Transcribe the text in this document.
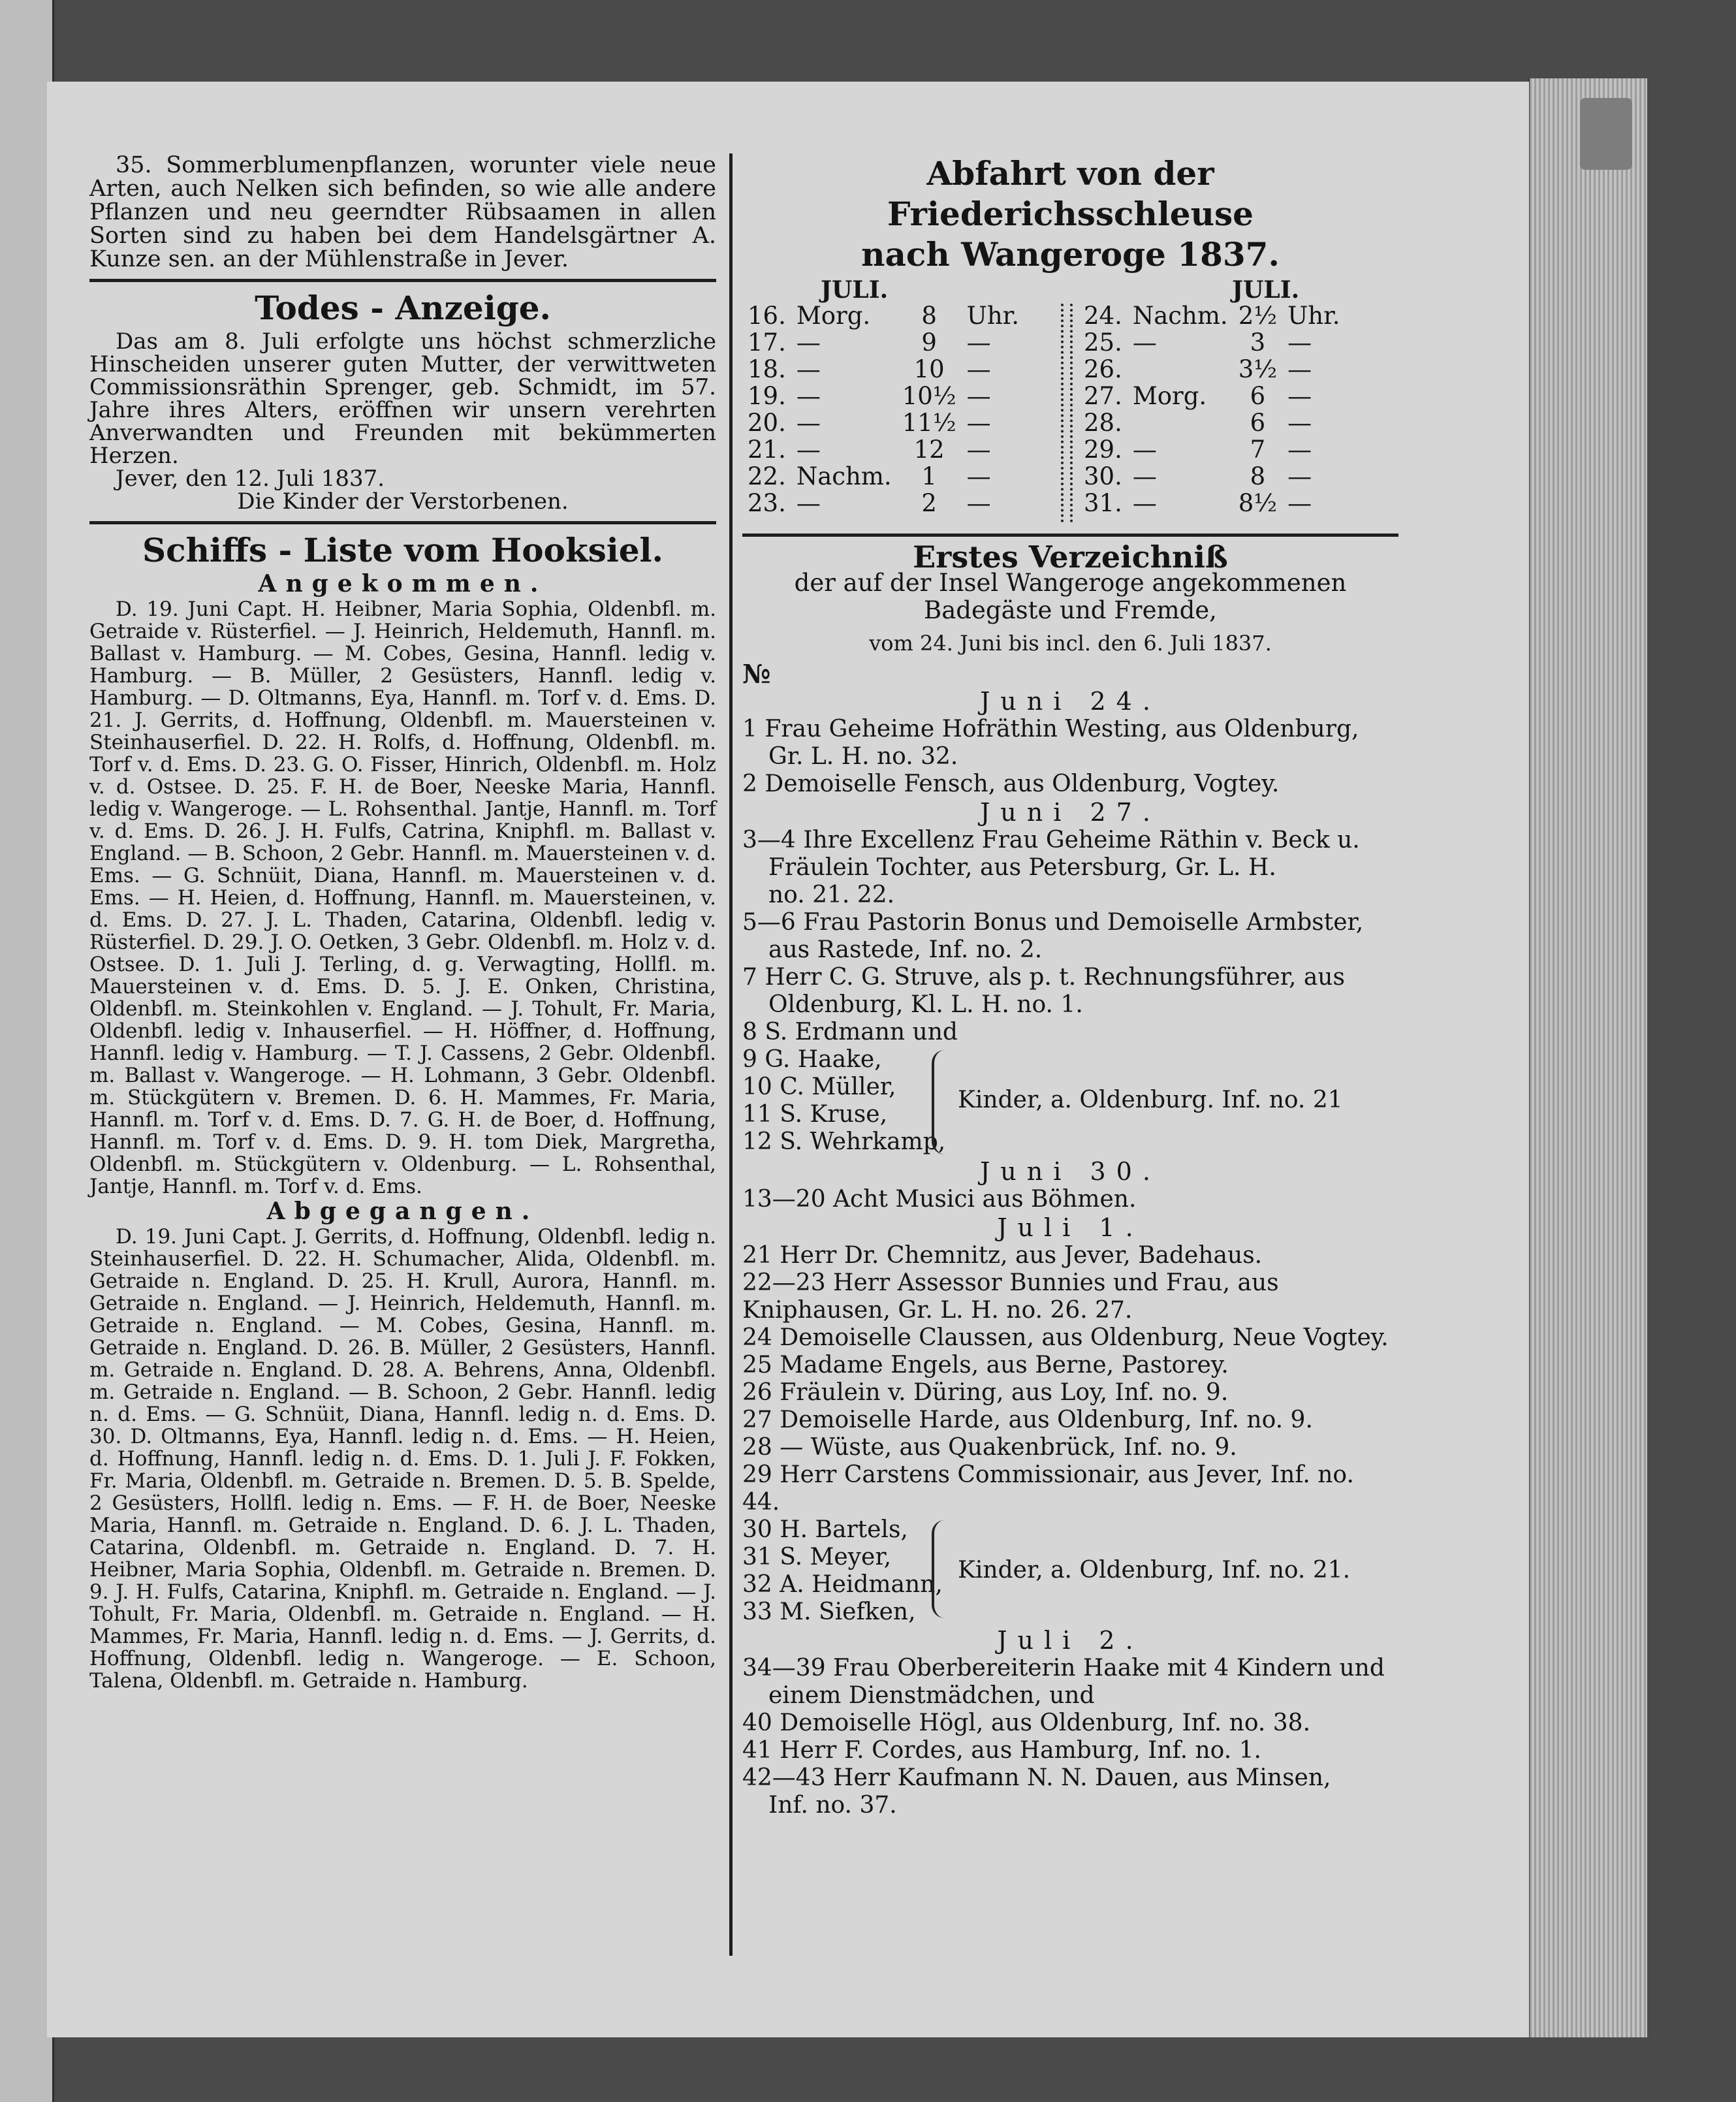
35. Sommerblumenpflanzen, worunter viele neue Arten, auch Nelken sich befinden, so wie alle andere Pflanzen und neu geerndter Rübsaamen in allen Sorten sind zu haben bei dem Handelsgärtner A. Kunze sen. an der Mühlenstraße in Jever.

Todes - Anzeige.

Das am 8. Juli erfolgte uns höchst schmerzliche Hinscheiden unserer guten Mutter, der verwittweten Commissionsräthin Sprenger, geb. Schmidt, im 57. Jahre ihres Alters, eröffnen wir unsern verehrten Anverwandten und Freunden mit bekümmerten Herzen.

Jever, den 12. Juli 1837.

Die Kinder der Verstorbenen.

Schiffs - Liste vom Hooksiel.
Angekommen.

D. 19. Juni Capt. H. Heibner, Maria Sophia, Oldenbfl. m. Getraide v. Rüsterfiel. — J. Heinrich, Heldemuth, Hannfl. m. Ballast v. Hamburg. — M. Cobes, Gesina, Hannfl. ledig v. Hamburg. — B. Müller, 2 Gesüsters, Hannfl. ledig v. Hamburg. — D. Oltmanns, Eya, Hannfl. m. Torf v. d. Ems. D. 21. J. Gerrits, d. Hoffnung, Oldenbfl. m. Mauersteinen v. Steinhauserfiel. D. 22. H. Rolfs, d. Hoffnung, Oldenbfl. m. Torf v. d. Ems. D. 23. G. O. Fisser, Hinrich, Oldenbfl. m. Holz v. d. Ostsee. D. 25. F. H. de Boer, Neeske Maria, Hannfl. ledig v. Wangeroge. — L. Rohsenthal. Jantje, Hannfl. m. Torf v. d. Ems. D. 26. J. H. Fulfs, Catrina, Kniphfl. m. Ballast v. England. — B. Schoon, 2 Gebr. Hannfl. m. Mauersteinen v. d. Ems. — G. Schnüit, Diana, Hannfl. m. Mauersteinen v. d. Ems. — H. Heien, d. Hoffnung, Hannfl. m. Mauersteinen, v. d. Ems. D. 27. J. L. Thaden, Catarina, Oldenbfl. ledig v. Rüsterfiel. D. 29. J. O. Oetken, 3 Gebr. Oldenbfl. m. Holz v. d. Ostsee. D. 1. Juli J. Terling, d. g. Verwagting, Hollfl. m. Mauersteinen v. d. Ems. D. 5. J. E. Onken, Christina, Oldenbfl. m. Steinkohlen v. England. — J. Tohult, Fr. Maria, Oldenbfl. ledig v. Inhauserfiel. — H. Höffner, d. Hoffnung, Hannfl. ledig v. Hamburg. — T. J. Cassens, 2 Gebr. Oldenbfl. m. Ballast v. Wangeroge. — H. Lohmann, 3 Gebr. Oldenbfl. m. Stückgütern v. Bremen. D. 6. H. Mammes, Fr. Maria, Hannfl. m. Torf v. d. Ems. D. 7. G. H. de Boer, d. Hoffnung, Hannfl. m. Torf v. d. Ems. D. 9. H. tom Diek, Margretha, Oldenbfl. m. Stückgütern v. Oldenburg. — L. Rohsenthal, Jantje, Hannfl. m. Torf v. d. Ems.

Abgegangen.

D. 19. Juni Capt. J. Gerrits, d. Hoffnung, Oldenbfl. ledig n. Steinhauserfiel. D. 22. H. Schumacher, Alida, Oldenbfl. m. Getraide n. England. D. 25. H. Krull, Aurora, Hannfl. m. Getraide n. England. — J. Heinrich, Heldemuth, Hannfl. m. Getraide n. England. — M. Cobes, Gesina, Hannfl. m. Getraide n. England. D. 26. B. Müller, 2 Gesüsters, Hannfl. m. Getraide n. England. D. 28. A. Behrens, Anna, Oldenbfl. m. Getraide n. England. — B. Schoon, 2 Gebr. Hannfl. ledig n. d. Ems. — G. Schnüit, Diana, Hannfl. ledig n. d. Ems. D. 30. D. Oltmanns, Eya, Hannfl. ledig n. d. Ems. — H. Heien, d. Hoffnung, Hannfl. ledig n. d. Ems. D. 1. Juli J. F. Fokken, Fr. Maria, Oldenbfl. m. Getraide n. Bremen. D. 5. B. Spelde, 2 Gesüsters, Hollfl. ledig n. Ems. — F. H. de Boer, Neeske Maria, Hannfl. m. Getraide n. England. D. 6. J. L. Thaden, Catarina, Oldenbfl. m. Getraide n. England. D. 7. H. Heibner, Maria Sophia, Oldenbfl. m. Getraide n. Bremen. D. 9. J. H. Fulfs, Catarina, Kniphfl. m. Getraide n. England. — J. Tohult, Fr. Maria, Oldenbfl. m. Getraide n. England. — H. Mammes, Fr. Maria, Hannfl. ledig n. d. Ems. — J. Gerrits, d. Hoffnung, Oldenbfl. ledig n. Wangeroge. — E. Schoon, Talena, Oldenbfl. m. Getraide n. Hamburg.

Abfahrt von der Friederichsschleuse
nach Wangeroge 1837.
JULI.	JULI.
16.	Morg.	8	Uhr.
17.	—	9	—
18.	—	10	—
19.	—	10½	—
20.	—	11½	—
21.	—	12	—
22.	Nachm.	1	—
23.	—	2	—
24.	Nachm.	2½	Uhr.
25.	—	3	—
26.		3½	—
27.	Morg.	6	—
28.		6	—
29.	—	7	—
30.	—	8	—
31.	—	8½	—
Erstes Verzeichniß
der auf der Insel Wangeroge angekommenen
Badegäste und Fremde,
vom 24. Juni bis incl. den 6. Juli 1837.
№
Juni 24.
1 Frau Geheime Hofräthin Westing, aus Oldenburg,
Gr. L. H. no. 32.
2 Demoiselle Fensch, aus Oldenburg, Vogtey.
Juni 27.
3—4 Ihre Excellenz Frau Geheime Räthin v. Beck u.
Fräulein Tochter, aus Petersburg, Gr. L. H.
no. 21. 22.
5—6 Frau Pastorin Bonus und Demoiselle Armbster,
aus Rastede, Inf. no. 2.
7 Herr C. G. Struve, als p. t. Rechnungsführer, aus
Oldenburg, Kl. L. H. no. 1.
8 S. Erdmann und
9 G. Haake,
10 C. Müller,
11 S. Kruse,
12 S. Wehrkamp,
Kinder, a. Oldenburg. Inf. no. 21
Juni 30.
13—20 Acht Musici aus Böhmen.
Juli 1.
21 Herr Dr. Chemnitz, aus Jever, Badehaus.
22—23 Herr Assessor Bunnies und Frau, aus Kniphausen, Gr. L. H. no. 26. 27.
24 Demoiselle Claussen, aus Oldenburg, Neue Vogtey.
25 Madame Engels, aus Berne, Pastorey.
26 Fräulein v. Düring, aus Loy, Inf. no. 9.
27 Demoiselle Harde, aus Oldenburg, Inf. no. 9.
28 — Wüste, aus Quakenbrück, Inf. no. 9.
29 Herr Carstens Commissionair, aus Jever, Inf. no. 44.
30 H. Bartels,
31 S. Meyer,
32 A. Heidmann,
33 M. Siefken,
Kinder, a. Oldenburg, Inf. no. 21.
Juli 2.
34—39 Frau Oberbereiterin Haake mit 4 Kindern und
einem Dienstmädchen, und
40 Demoiselle Högl, aus Oldenburg, Inf. no. 38.
41 Herr F. Cordes, aus Hamburg, Inf. no. 1.
42—43 Herr Kaufmann N. N. Dauen, aus Minsen,
Inf. no. 37.
